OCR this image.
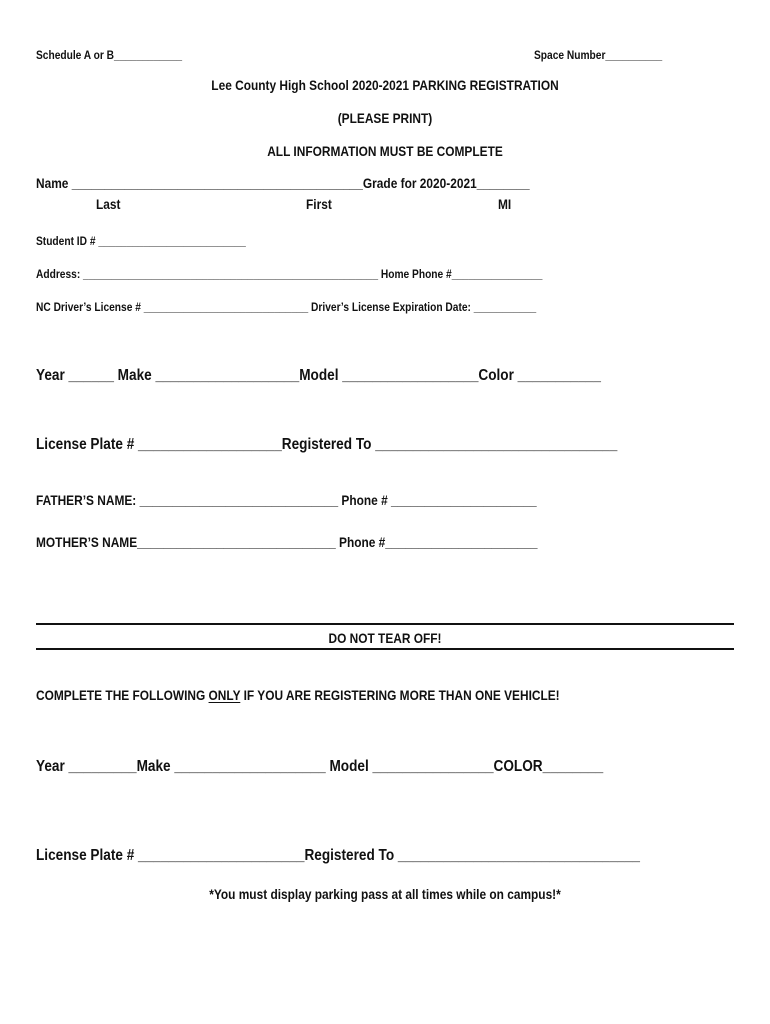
Schedule A or B____________	Space Number__________
Lee County High School 2020-2021 PARKING REGISTRATION
(PLEASE PRINT)
ALL INFORMATION MUST BE COMPLETE
Name ____________________________________________Grade for 2020-2021________
Last	First	MI
Student ID # __________________________
Address: ____________________________________________________ Home Phone #________________
NC Driver’s License # _____________________________ Driver’s License Expiration Date: ___________
Year ______ Make ___________________Model __________________Color ___________
License Plate # ___________________Registered To ________________________________
FATHER’S NAME: ______________________________ Phone # ______________________
MOTHER’S NAME______________________________ Phone #_______________________
DO NOT TEAR OFF!
COMPLETE THE FOLLOWING ONLY IF YOU ARE REGISTERING MORE THAN ONE VEHICLE!
Year _________Make ____________________ Model ________________COLOR________
License Plate # ______________________Registered To ________________________________
*You must display parking pass at all times while on campus!*
